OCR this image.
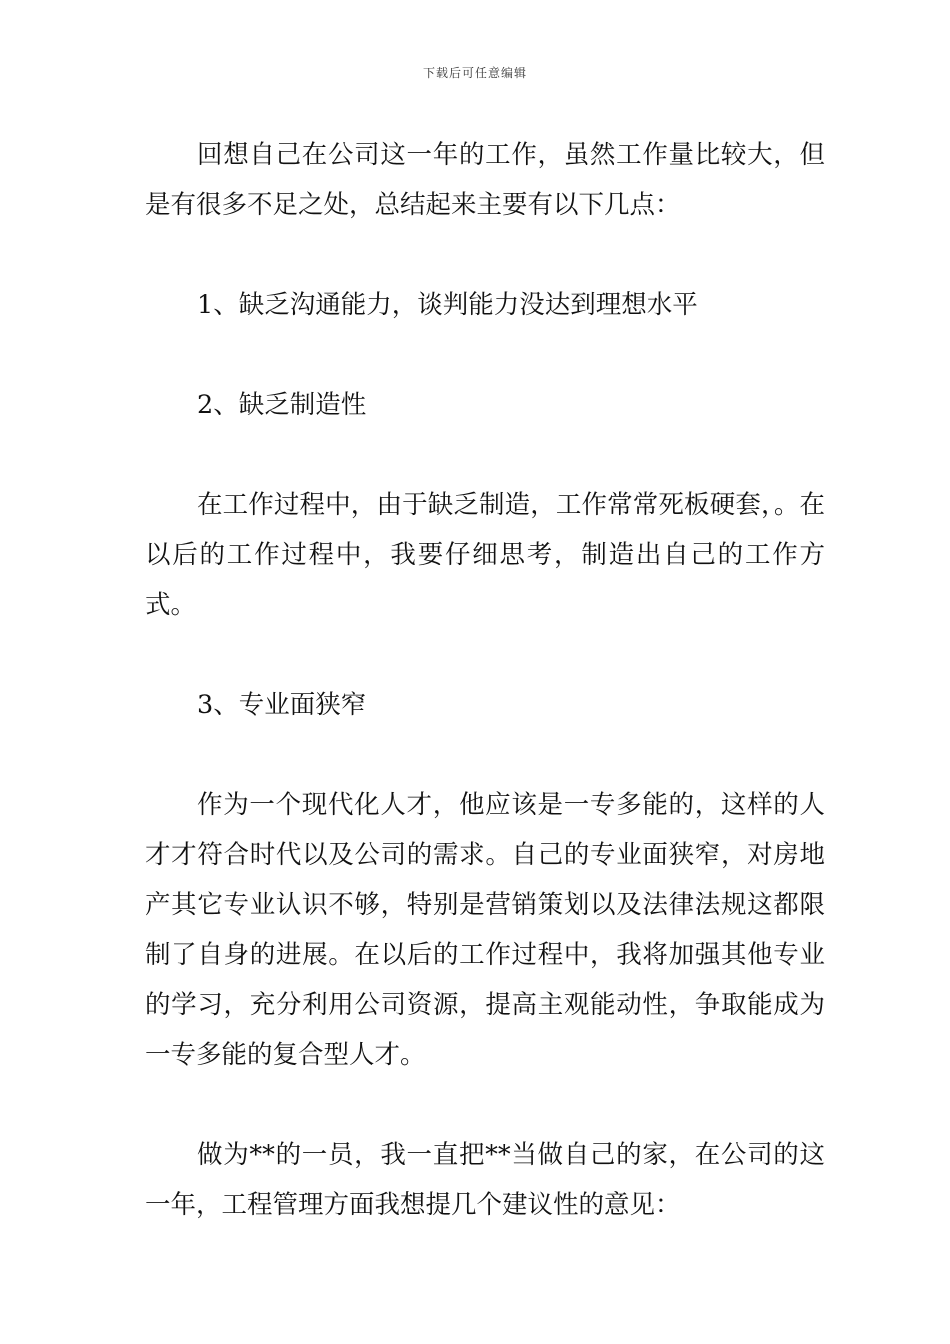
下载后可任意编辑

回想自己在公司这一年的工作，虽然工作量比较大，但是有很多不足之处，总结起来主要有以下几点：

1、缺乏沟通能力，谈判能力没达到理想水平

2、缺乏制造性

在工作过程中，由于缺乏制造，工作常常死板硬套，。在以后的工作过程中，我要仔细思考，制造出自己的工作方式。

3、专业面狭窄

作为一个现代化人才，他应该是一专多能的，这样的人才才符合时代以及公司的需求。自己的专业面狭窄，对房地产其它专业认识不够，特别是营销策划以及法律法规这都限制了自身的进展。在以后的工作过程中，我将加强其他专业的学习，充分利用公司资源，提高主观能动性，争取能成为一专多能的复合型人才。

做为**的一员，我一直把**当做自己的家，在公司的这一年，工程管理方面我想提几个建议性的意见：
